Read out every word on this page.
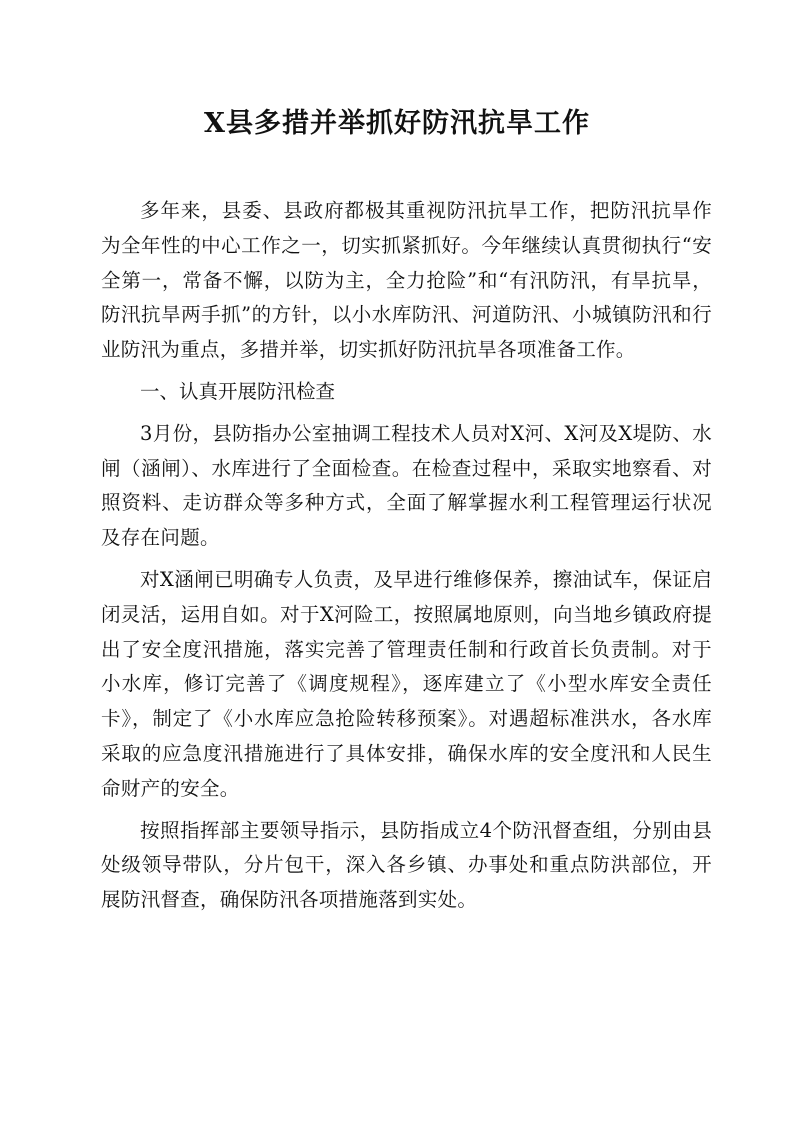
X县多措并举抓好防汛抗旱工作

多年来，县委、县政府都极其重视防汛抗旱工作，把防汛抗旱作为全年性的中心工作之一，切实抓紧抓好。今年继续认真贯彻执行“安全第一，常备不懈，以防为主，全力抢险”和“有汛防汛，有旱抗旱，防汛抗旱两手抓”的方针，以小水库防汛、河道防汛、小城镇防汛和行业防汛为重点，多措并举，切实抓好防汛抗旱各项准备工作。

一、认真开展防汛检查

3月份，县防指办公室抽调工程技术人员对X河、X河及X堤防、水闸（涵闸）、水库进行了全面检查。在检查过程中，采取实地察看、对照资料、走访群众等多种方式，全面了解掌握水利工程管理运行状况及存在问题。

对X涵闸已明确专人负责，及早进行维修保养，擦油试车，保证启闭灵活，运用自如。对于X河险工，按照属地原则，向当地乡镇政府提出了安全度汛措施，落实完善了管理责任制和行政首长负责制。对于小水库，修订完善了《调度规程》，逐库建立了《小型水库安全责任卡》，制定了《小水库应急抢险转移预案》。对遇超标准洪水，各水库采取的应急度汛措施进行了具体安排，确保水库的安全度汛和人民生命财产的安全。

按照指挥部主要领导指示，县防指成立4个防汛督查组，分别由县处级领导带队，分片包干，深入各乡镇、办事处和重点防洪部位，开展防汛督查，确保防汛各项措施落到实处。
